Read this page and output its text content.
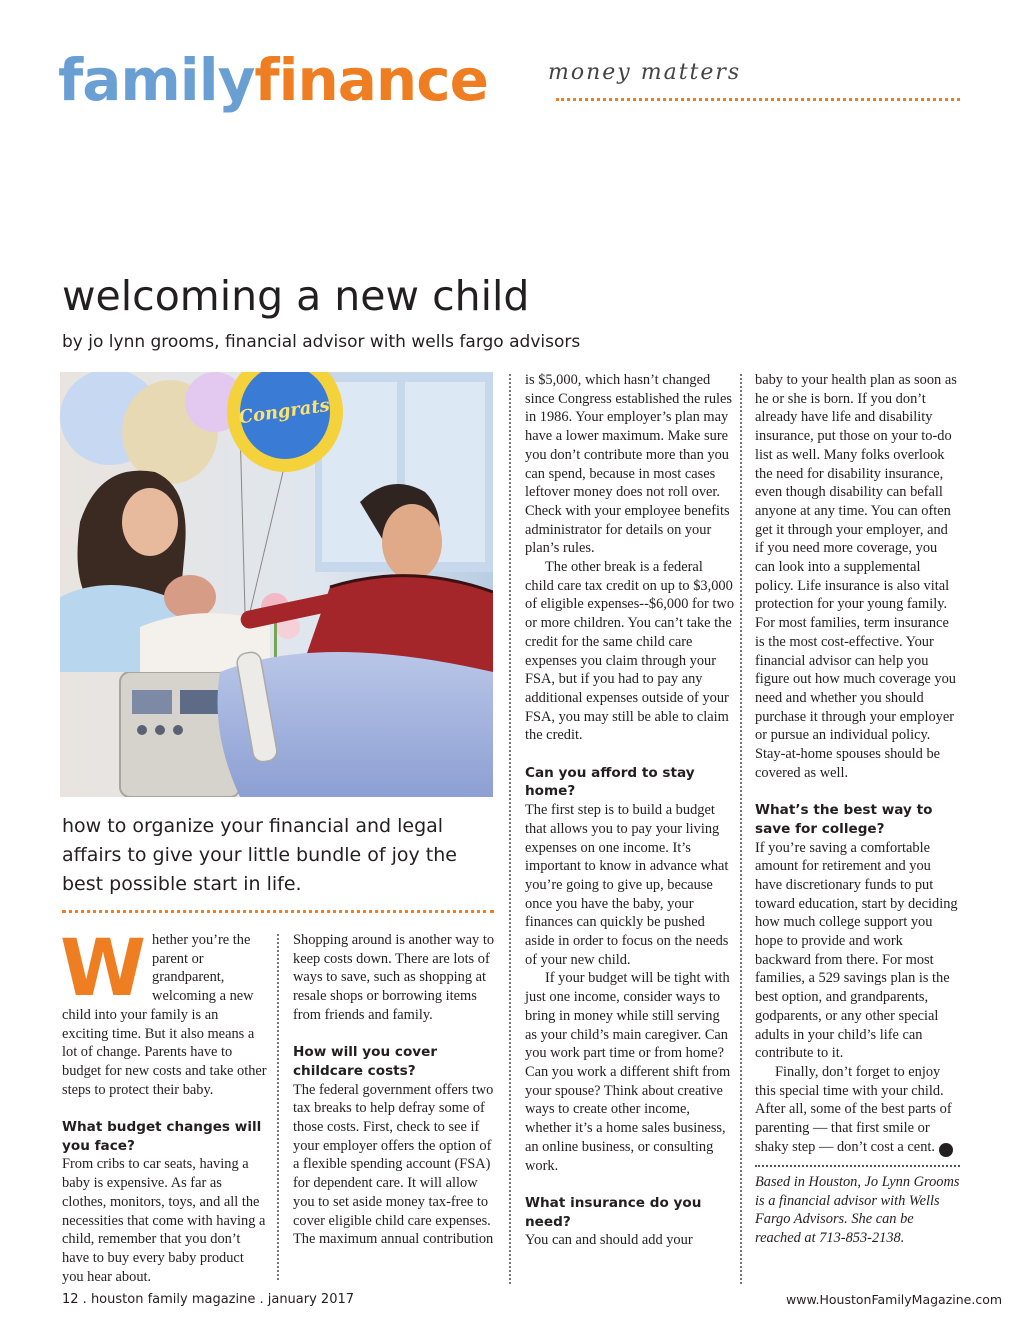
familyfinance	money matters
welcoming a new child
by jo lynn grooms, financial advisor with wells fargo advisors
Congrats
how to organize your financial and legal affairs to give your little bundle of joy the best possible start in life.

Whether you’re the parent or grandparent, welcoming a new child into your family is an exciting time. But it also means a lot of change. Parents have to budget for new costs and take other steps to protect their baby.

What budget changes will you face?

From cribs to car seats, having a baby is expensive. As far as clothes, monitors, toys, and all the necessities that come with having a child, remember that you don’t have to buy every baby product you hear about.

Shopping around is another way to keep costs down. There are lots of ways to save, such as shopping at resale shops or borrowing items from friends and family.

How will you cover childcare costs?

The federal government offers two tax breaks to help defray some of those costs. First, check to see if your employer offers the option of a flexible spending account (FSA) for dependent care. It will allow you to set aside money tax-free to cover eligible child care expenses. The maximum annual contribution

is $5,000, which hasn’t changed since Congress established the rules in 1986. Your employer’s plan may have a lower maximum. Make sure you don’t contribute more than you can spend, because in most cases leftover money does not roll over. Check with your employee benefits administrator for details on your plan’s rules.

The other break is a federal child care tax credit on up to $3,000 of eligible expenses--$6,000 for two or more children. You can’t take the credit for the same child care expenses you claim through your FSA, but if you had to pay any additional expenses outside of your FSA, you may still be able to claim the credit.

Can you afford to stay home?

The first step is to build a budget that allows you to pay your living expenses on one income. It’s important to know in advance what you’re going to give up, because once you have the baby, your finances can quickly be pushed aside in order to focus on the needs of your new child.

If your budget will be tight with just one income, consider ways to bring in money while still serving as your child’s main caregiver. Can you work part time or from home? Can you work a different shift from your spouse? Think about creative ways to create other income, whether it’s a home sales business, an online business, or consulting work.

What insurance do you need?

You can and should add your

baby to your health plan as soon as he or she is born. If you don’t already have life and disability insurance, put those on your to-do list as well. Many folks overlook the need for disability insurance, even though disability can befall anyone at any time. You can often get it through your employer, and if you need more coverage, you can look into a supplemental policy. Life insurance is also vital protection for your young family. For most families, term insurance is the most cost-effective. Your financial advisor can help you figure out how much coverage you need and whether you should purchase it through your employer or pursue an individual policy. Stay-at-home spouses should be covered as well.

What’s the best way to save for college?

If you’re saving a comfortable amount for retirement and you have discretionary funds to put toward education, start by deciding how much college support you hope to provide and work backward from there. For most families, a 529 savings plan is the best option, and grandparents, godparents, or any other special adults in your child’s life can contribute to it.

Finally, don’t forget to enjoy this special time with your child. After all, some of the best parts of parenting — that first smile or shaky step — don’t cost a cent.	HF

Based in Houston, Jo Lynn Grooms is a financial advisor with Wells Fargo Advisors. She can be reached at 713-853-2138.

12 . houston family magazine . january 2017	www.HoustonFamilyMagazine.com
